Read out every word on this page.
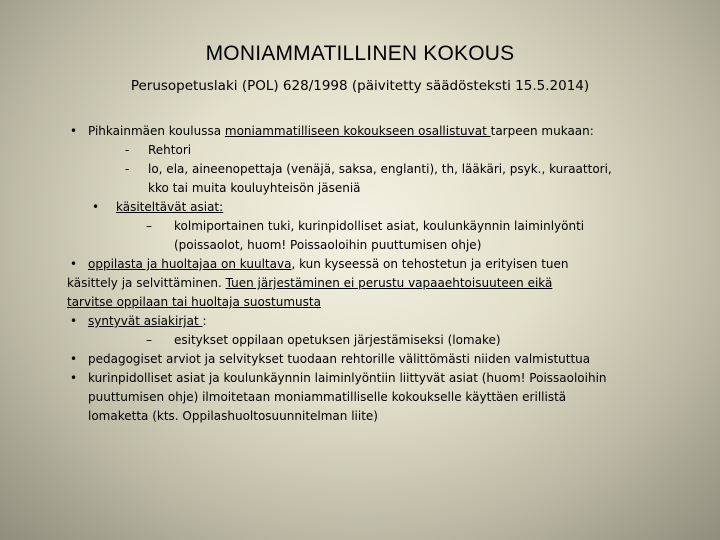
MONIAMMATILLINEN KOKOUS
Perusopetuslaki (POL) 628/1998 (päivitetty säädösteksti 15.5.2014)
• Pihkainmäen koulussa moniammatilliseen kokoukseen osallistuvat tarpeen mukaan:
- Rehtori
- lo, ela, aineenopettaja (venäjä, saksa, englanti), th, lääkäri, psyk., kuraattori,
kko tai muita kouluyhteisön jäseniä
• käsiteltävät asiat:
– kolmiportainen tuki, kurinpidolliset asiat, koulunkäynnin laiminlyönti
(poissaolot, huom! Poissaoloihin puuttumisen ohje)
• oppilasta ja huoltajaa on kuultava, kun kyseessä on tehostetun ja erityisen tuen
käsittely ja selvittäminen. Tuen järjestäminen ei perustu vapaaehtoisuuteen eikä
tarvitse oppilaan tai huoltaja suostumusta
• syntyvät asiakirjat :
– esitykset oppilaan opetuksen järjestämiseksi (lomake)
• pedagogiset arviot ja selvitykset tuodaan rehtorille välittömästi niiden valmistuttua
• kurinpidolliset asiat ja koulunkäynnin laiminlyöntiin liittyvät asiat (huom! Poissaoloihin
puuttumisen ohje) ilmoitetaan moniammatilliselle kokoukselle käyttäen erillistä
lomaketta (kts. Oppilashuoltosuunnitelman liite)
